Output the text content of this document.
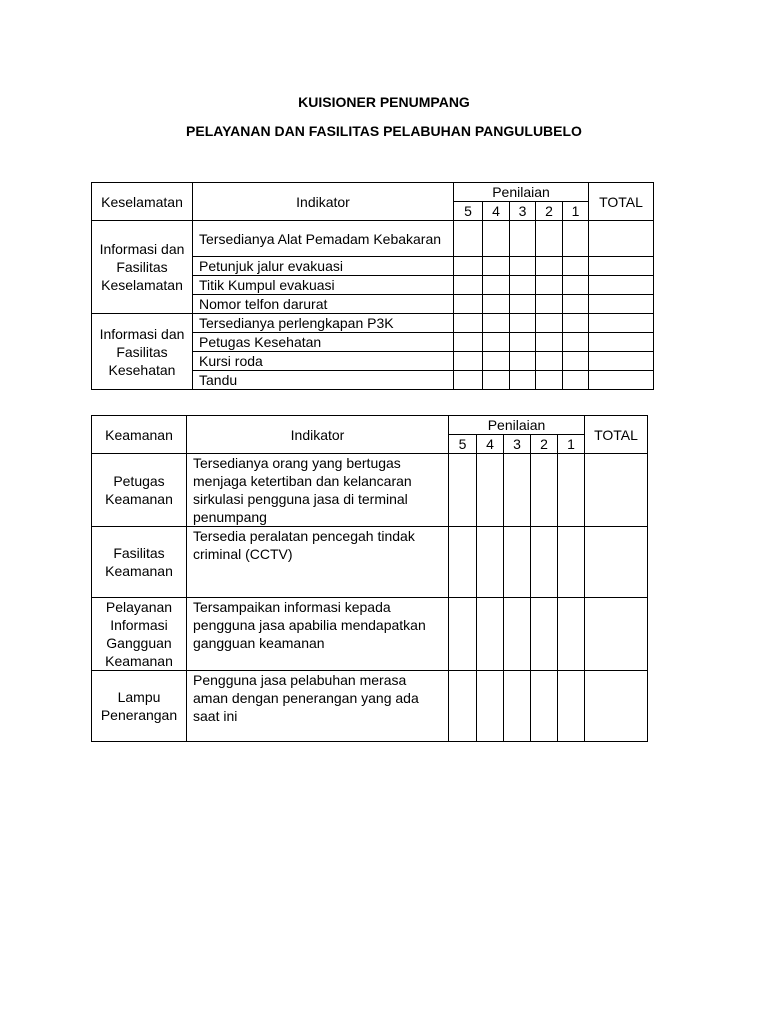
KUISIONER PENUMPANG
PELAYANAN DAN FASILITAS PELABUHAN PANGULUBELO
Keselamatan	Indikator	Penilaian					TOTAL
		5	4	3	2	1	
Informasi dan Fasilitas Keselamatan	Tersedianya Alat Pemadam Kebakaran						
	Petunjuk jalur evakuasi						
	Titik Kumpul evakuasi						
	Nomor telfon darurat						
Informasi dan Fasilitas Kesehatan	Tersedianya perlengkapan P3K						
	Petugas Kesehatan						
	Kursi roda						
	Tandu						
Keamanan	Indikator	Penilaian					TOTAL
		5	4	3	2	1	
Petugas Keamanan	Tersedianya orang yang bertugas menjaga ketertiban dan kelancaran sirkulasi pengguna jasa di terminal penumpang						
Fasilitas Keamanan	Tersedia peralatan pencegah tindak criminal (CCTV)						
Pelayanan Informasi Gangguan Keamanan	Tersampaikan informasi kepada pengguna jasa apabilia mendapatkan gangguan keamanan						
Lampu Penerangan	Pengguna jasa pelabuhan merasa aman dengan penerangan yang ada saat ini						
